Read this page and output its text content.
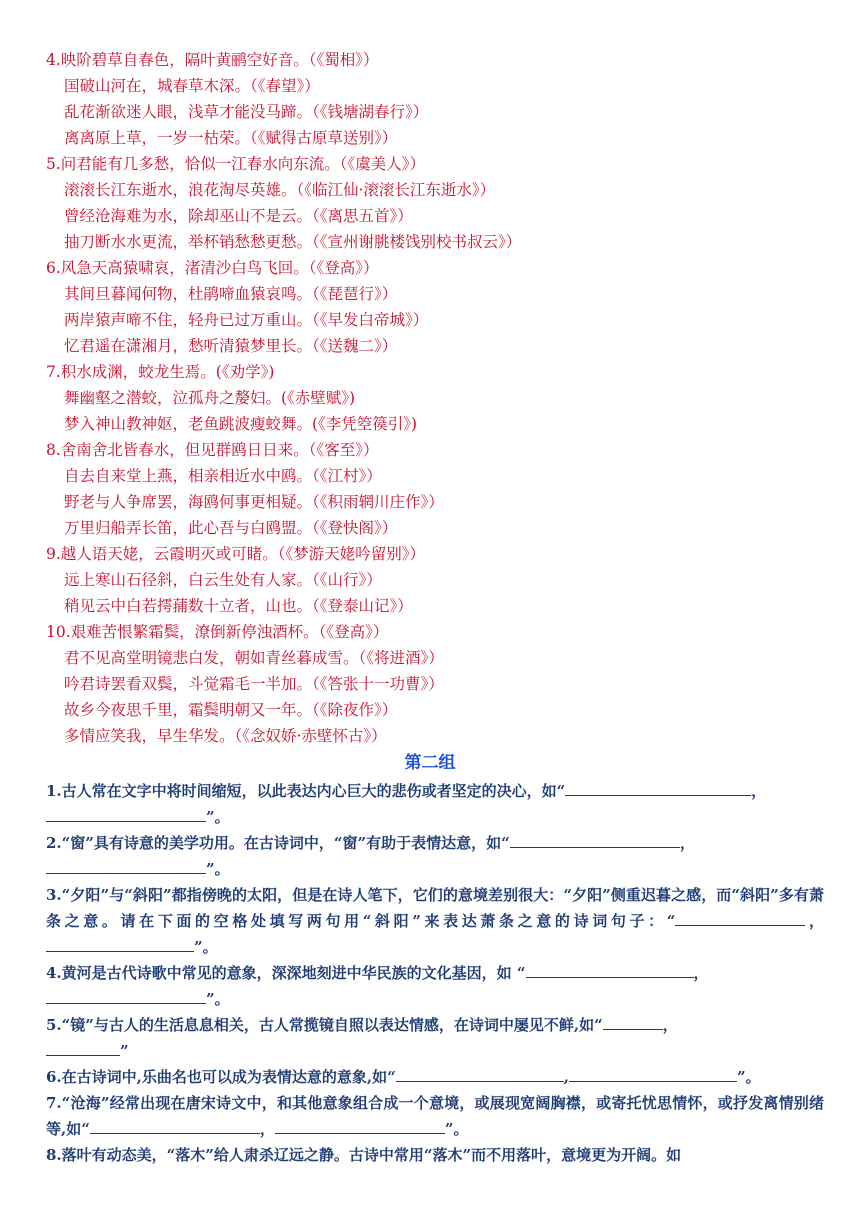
4.映阶碧草自春色，隔叶黄鹂空好音。（《蜀相》）
国破山河在，城春草木深。（《春望》）
乱花渐欲迷人眼，浅草才能没马蹄。（《钱塘湖春行》）
离离原上草，一岁一枯荣。（《赋得古原草送别》）
5.问君能有几多愁，恰似一江春水向东流。（《虞美人》）
滚滚长江东逝水，浪花淘尽英雄。（《临江仙·滚滚长江东逝水》）
曾经沧海难为水，除却巫山不是云。（《离思五首》）
抽刀断水水更流，举杯销愁愁更愁。（《宣州谢朓楼饯别校书叔云》）
6.风急天高猿啸哀，渚清沙白鸟飞回。（《登高》）
其间旦暮闻何物，杜鹃啼血猿哀鸣。（《琵琶行》）
两岸猿声啼不住，轻舟已过万重山。（《早发白帝城》）
忆君遥在潇湘月，愁听清猿梦里长。（《送魏二》）
7.积水成渊，蛟龙生焉。(《劝学》)
舞幽壑之潜蛟，泣孤舟之嫠妇。(《赤壁赋》)
梦入神山教神妪，老鱼跳波瘦蛟舞。(《李凭箜篌引》)
8.舍南舍北皆春水，但见群鸥日日来。（《客至》）
自去自来堂上燕，相亲相近水中鸥。（《江村》）
野老与人争席罢，海鸥何事更相疑。（《积雨辋川庄作》）
万里归船弄长笛，此心吾与白鸥盟。（《登快阁》）
9.越人语天姥，云霞明灭或可睹。（《梦游天姥吟留别》）
远上寒山石径斜，白云生处有人家。（《山行》）
稍见云中白若摴蒱数十立者，山也。（《登泰山记》）
10.艰难苦恨繁霜鬓，潦倒新停浊酒杯。（《登高》）
君不见高堂明镜悲白发，朝如青丝暮成雪。（《将进酒》）
吟君诗罢看双鬓，斗觉霜毛一半加。（《答张十一功曹》）
故乡今夜思千里，霜鬓明朝又一年。（《除夜作》）
多情应笑我，早生华发。（《念奴娇·赤壁怀古》）
第二组
1.古人常在文字中将时间缩短，以此表达内心巨大的悲伤或者坚定的决心，如“	，
”。
2.“窗”具有诗意的美学功用。在古诗词中，“窗”有助于表情达意，如“	，
”。
3.“夕阳”与“斜阳”都指傍晚的太阳，但是在诗人笔下，它们的意境差别很大：“夕阳”侧重迟暮之感，而“斜阳”多有萧条之意。请在下面的空格处填写两句用“斜阳”来表达萧条之意的诗词句子：“	，”。
4.黄河是古代诗歌中常见的意象，深深地刻进中华民族的文化基因，如 “	，
”。
5.“镜”与古人的生活息息相关，古人常揽镜自照以表达情感，在诗词中屡见不鲜,如“	，
”
6.在古诗词中,乐曲名也可以成为表情达意的意象,如“	,	”。
7.“沧海”经常出现在唐宋诗文中，和其他意象组合成一个意境，或展现宽阔胸襟，或寄托忧思情怀，或抒发离情别绪等,如“	，	”。
8.落叶有动态美，“落木”给人肃杀辽远之静。古诗中常用“落木”而不用落叶，意境更为开阔。如
